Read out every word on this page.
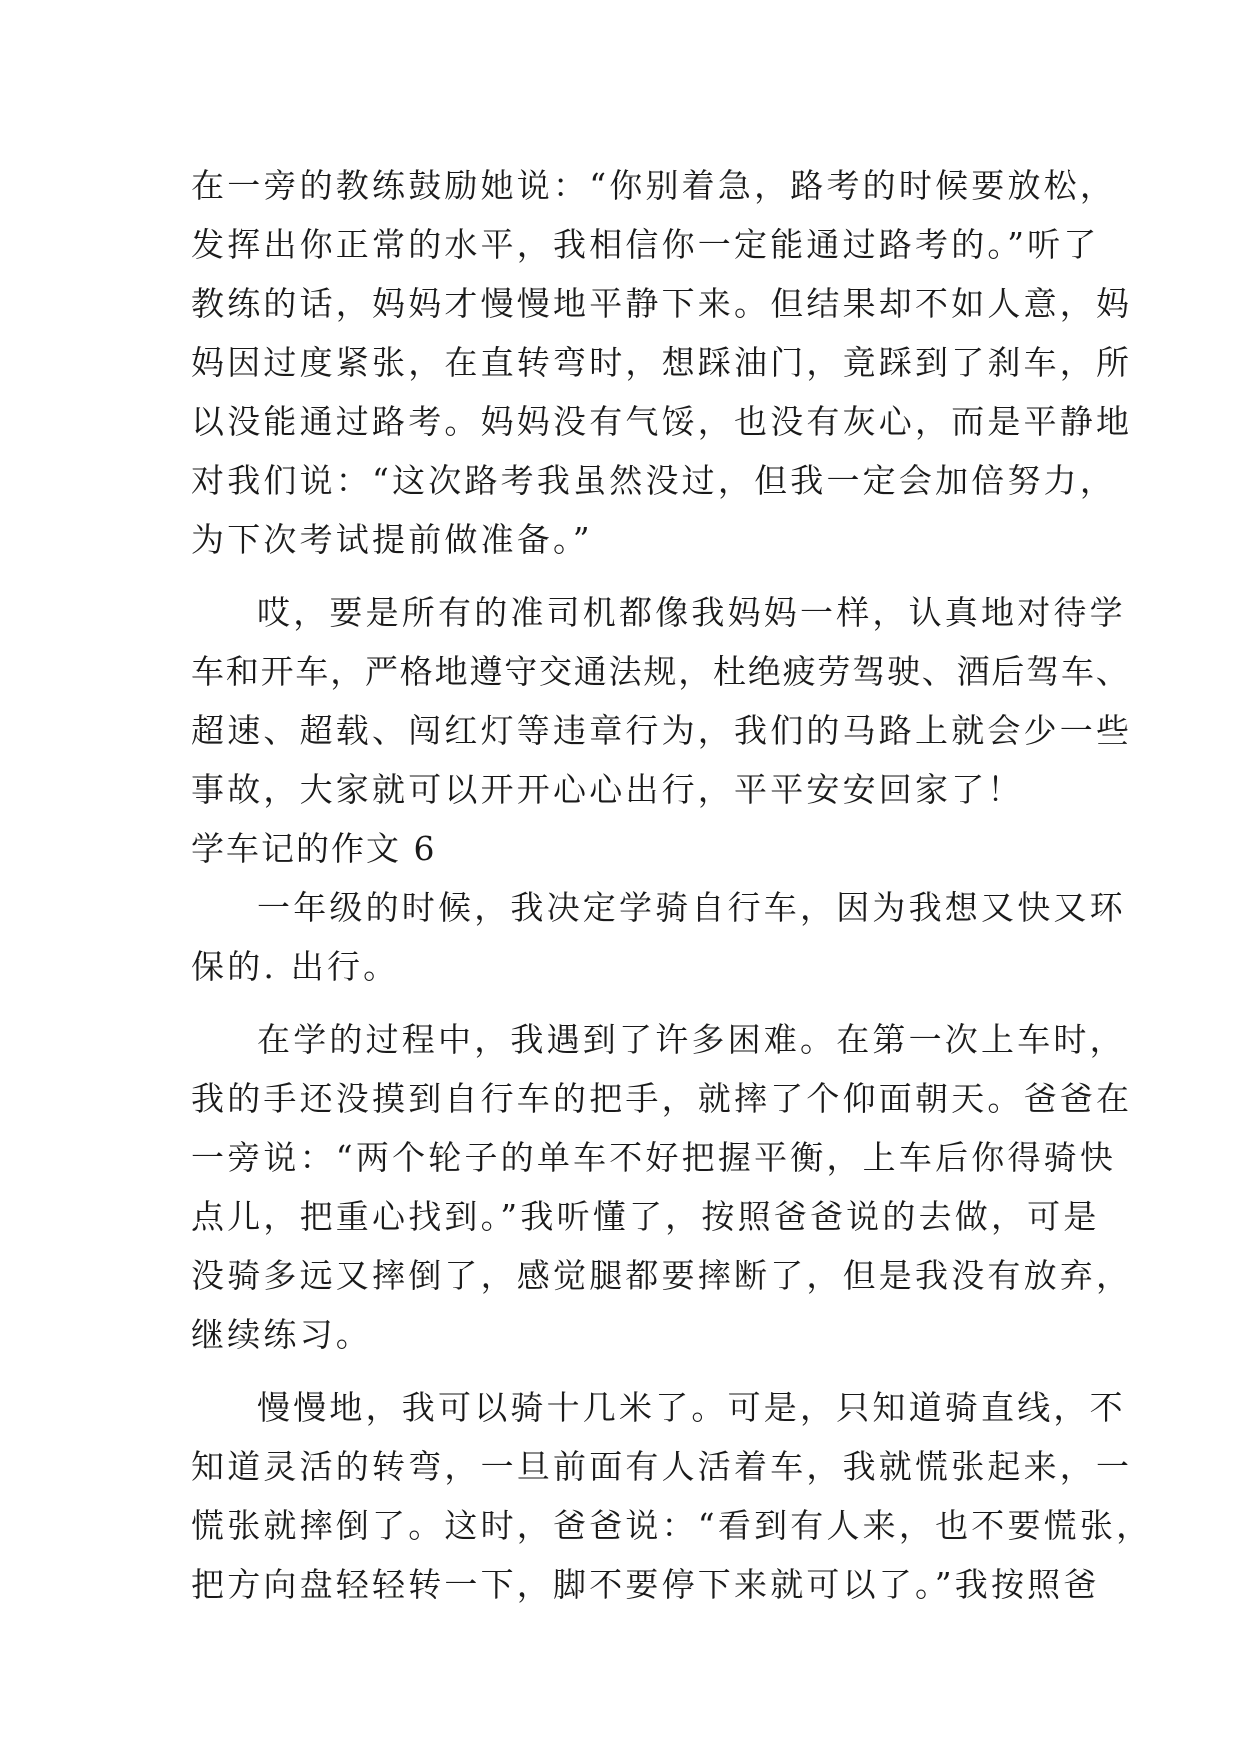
在一旁的教练鼓励她说：“你别着急，路考的时候要放松，
发挥出你正常的水平，我相信你一定能通过路考的。”听了
教练的话，妈妈才慢慢地平静下来。但结果却不如人意，妈
妈因过度紧张，在直转弯时，想踩油门，竟踩到了刹车，所
以没能通过路考。妈妈没有气馁，也没有灰心，而是平静地
对我们说：“这次路考我虽然没过，但我一定会加倍努力，
为下次考试提前做准备。”
哎，要是所有的准司机都像我妈妈一样，认真地对待学
车和开车，严格地遵守交通法规，杜绝疲劳驾驶、酒后驾车、
超速、超载、闯红灯等违章行为，我们的马路上就会少一些
事故，大家就可以开开心心出行，平平安安回家了！
学车记的作文 6
一年级的时候，我决定学骑自行车，因为我想又快又环
保的. 出行。
在学的过程中，我遇到了许多困难。在第一次上车时，
我的手还没摸到自行车的把手，就摔了个仰面朝天。爸爸在
一旁说：“两个轮子的单车不好把握平衡，上车后你得骑快
点儿，把重心找到。”我听懂了，按照爸爸说的去做，可是
没骑多远又摔倒了，感觉腿都要摔断了，但是我没有放弃，
继续练习。
慢慢地，我可以骑十几米了。可是，只知道骑直线，不
知道灵活的转弯，一旦前面有人活着车，我就慌张起来，一
慌张就摔倒了。这时，爸爸说：“看到有人来，也不要慌张，
把方向盘轻轻转一下，脚不要停下来就可以了。”我按照爸
